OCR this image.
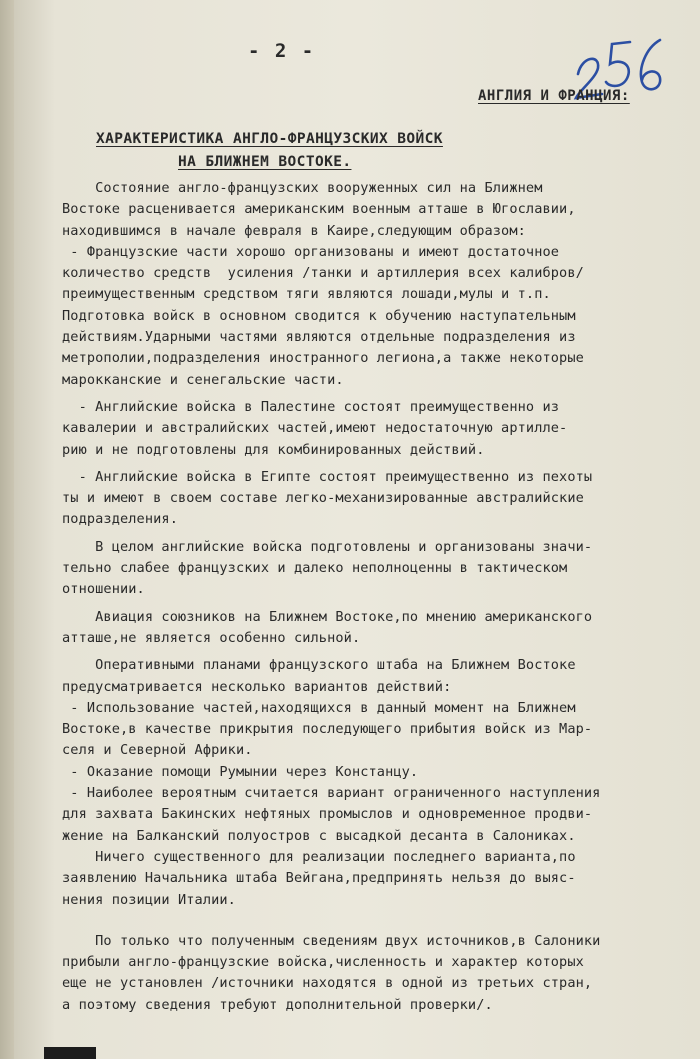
- 2 -
АНГЛИЯ И ФРАНЦИЯ:
ХАРАКТЕРИСТИКА АНГЛО-ФРАНЦУЗСКИХ ВОЙСК
НА БЛИЖНЕМ ВОСТОКЕ.

Состояние англо-французских вооруженных сил на Ближнем
Востоке расценивается американским военным атташе в Югославии,
находившимся в начале февраля в Каире,следующим образом:
- Французские части хорошо организованы и имеют достаточное
количество средств  усиления /танки и артиллерия всех калибров/
преимущественным средством тяги являются лошади,мулы и т.п.
Подготовка войск в основном сводится к обучению наступательным
действиям.Ударными частями являются отдельные подразделения из
метрополии,подразделения иностранного легиона,а также некоторые
марокканские и сенегальские части.

- Английские войска в Палестине состоят преимущественно из
кавалерии и австралийских частей,имеют недостаточную артилле-
рию и не подготовлены для комбинированных действий.

- Английские войска в Египте состоят преимущественно из пехоты
ты и имеют в своем составе легко-механизированные австралийские
подразделения.

В целом английские войска подготовлены и организованы значи-
тельно слабее французских и далеко неполноценны в тактическом
отношении.

Авиация союзников на Ближнем Востоке,по мнению американского
атташе,не является особенно сильной.

Оперативными планами французского штаба на Ближнем Востоке
предусматривается несколько вариантов действий:
- Использование частей,находящихся в данный момент на Ближнем
Востоке,в качестве прикрытия последующего прибытия войск из Мар-
селя и Северной Африки.
- Оказание помощи Румынии через Констанцу.
- Наиболее вероятным считается вариант ограниченного наступления
для захвата Бакинских нефтяных промыслов и одновременное продви-
жение на Балканский полуостров с высадкой десанта в Салониках.
Ничего существенного для реализации последнего варианта,по
заявлению Начальника штаба Вейгана,предпринять нельзя до выяс-
нения позиции Италии.

По только что полученным сведениям двух источников,в Салоники
прибыли англо-французские войска,численность и характер которых
еще не установлен /источники находятся в одной из третьих стран,
а поэтому сведения требуют дополнительной проверки/.
